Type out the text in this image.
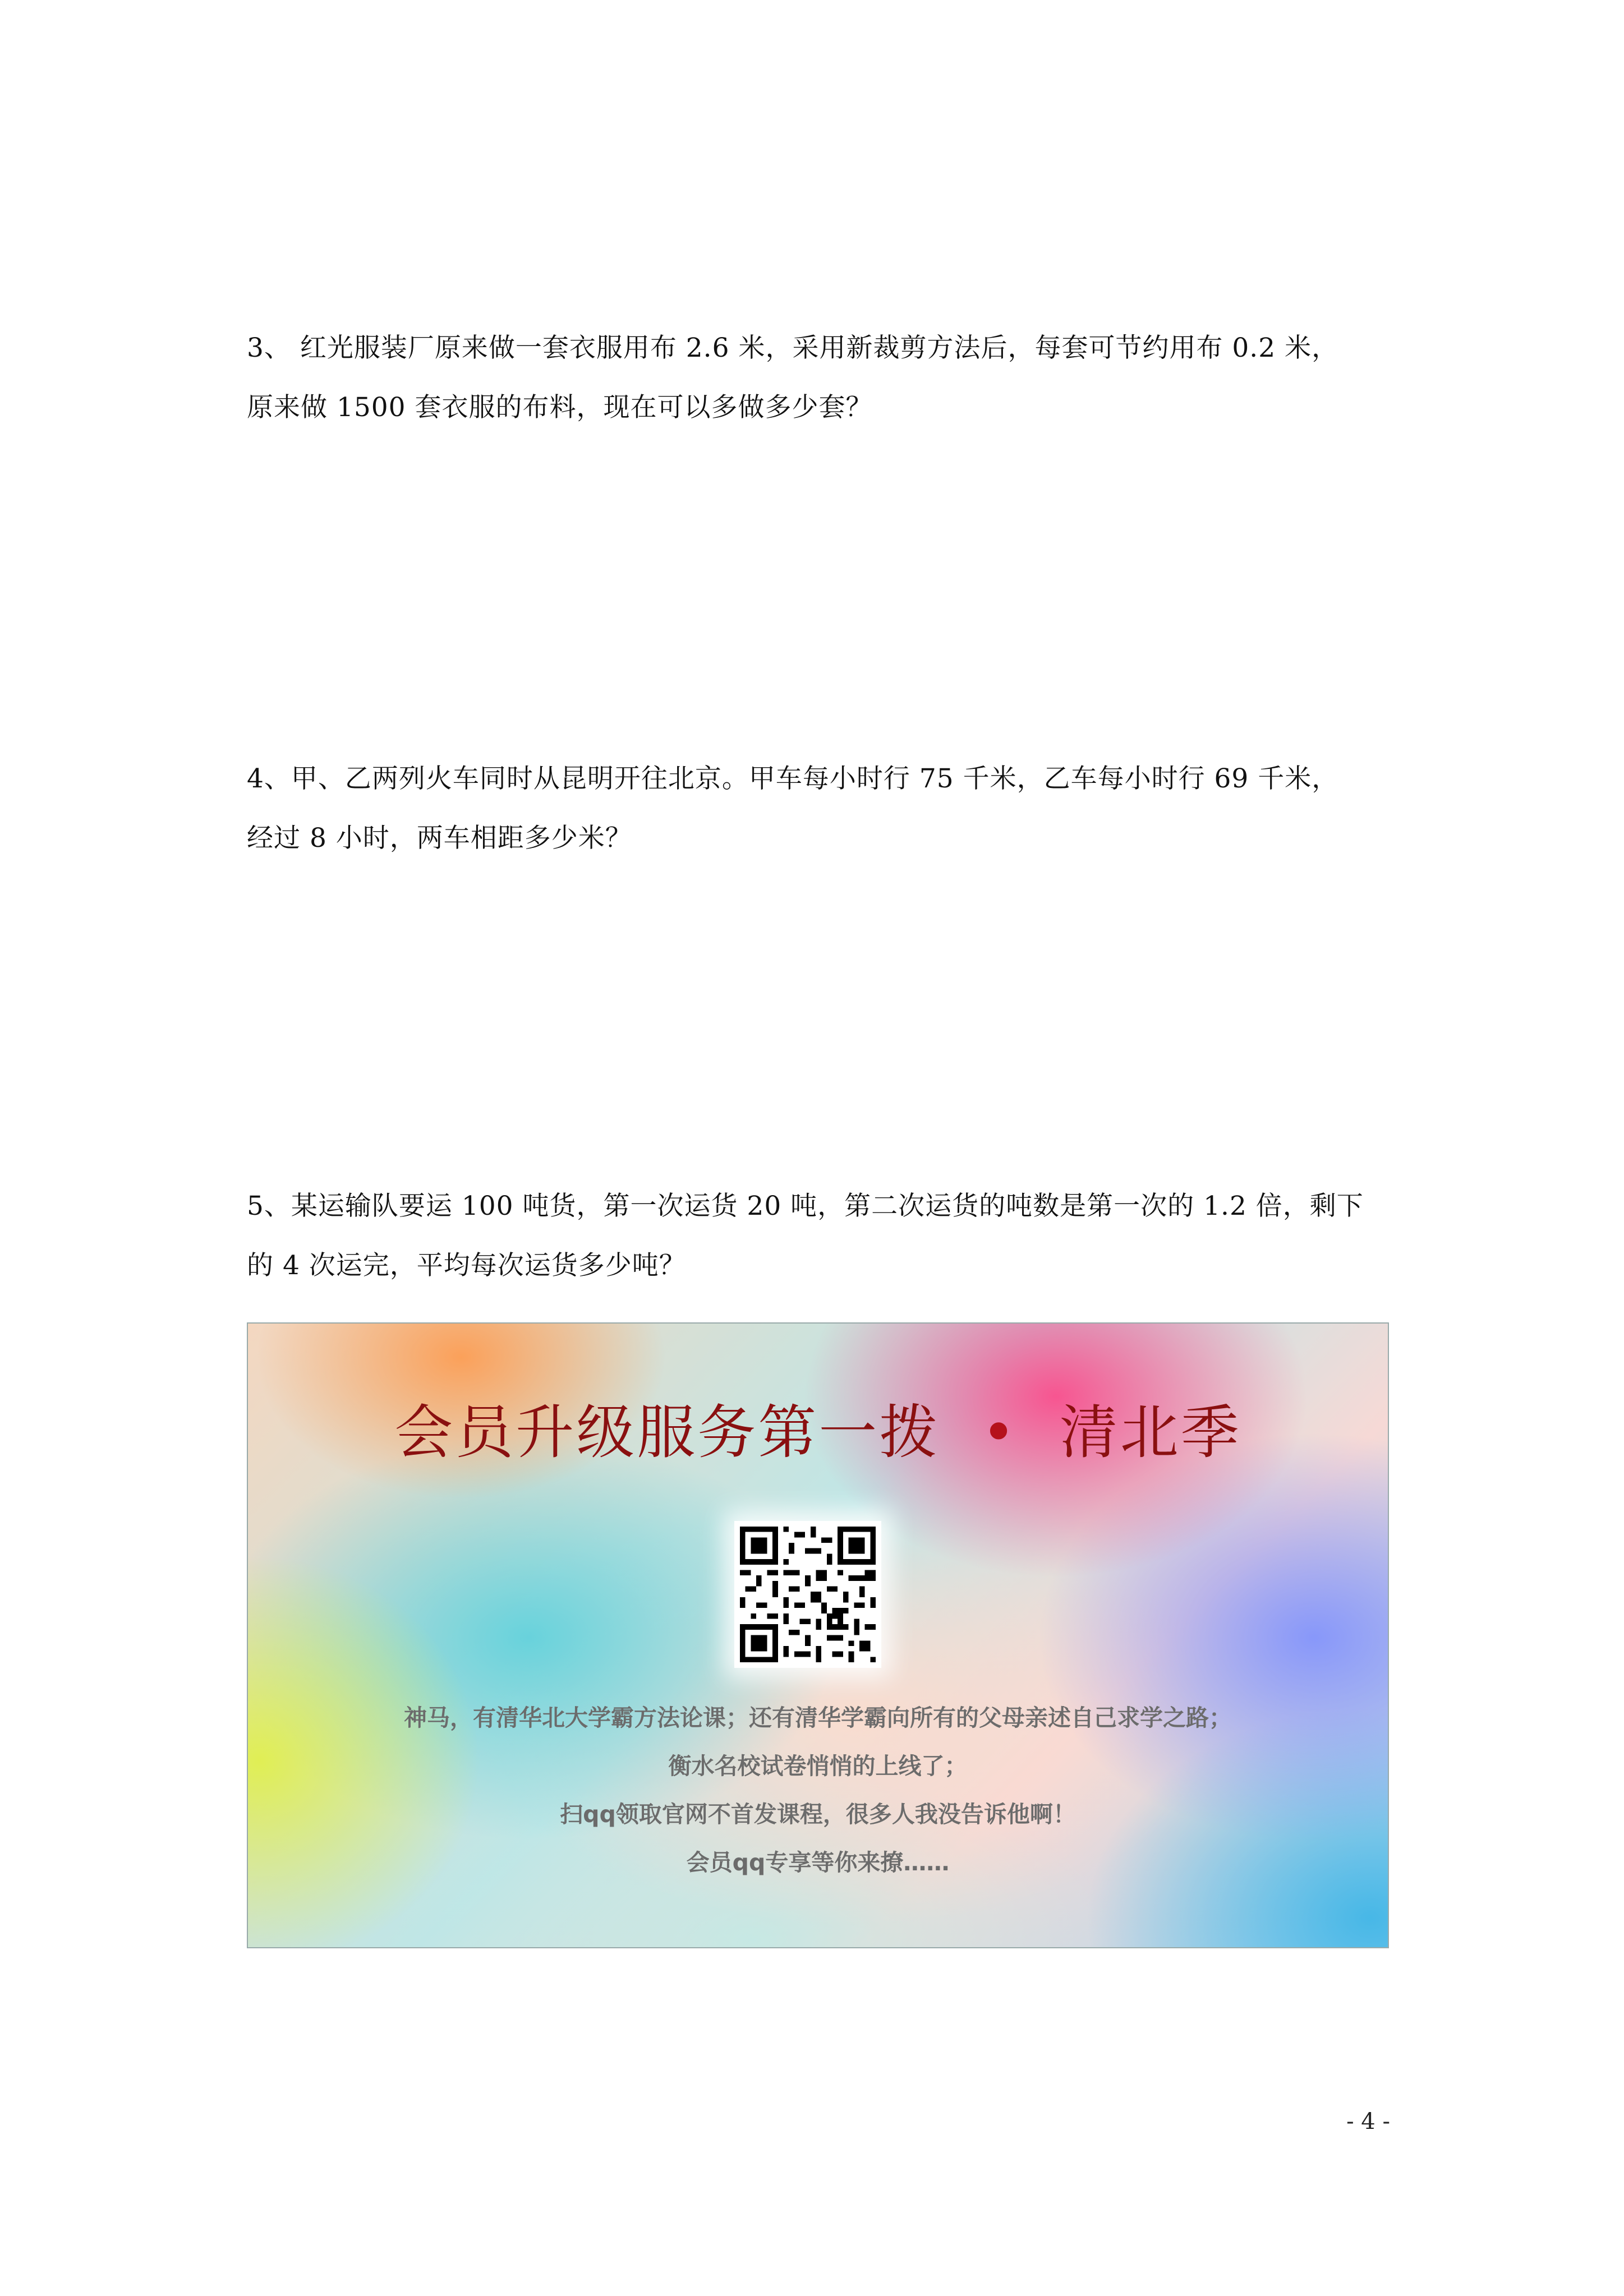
3、 红光服装厂原来做一套衣服用布 2.6 米，采用新裁剪方法后，每套可节约用布 0.2 米，

原来做 1500 套衣服的布料，现在可以多做多少套？

4、甲、乙两列火车同时从昆明开往北京。甲车每小时行 75 千米，乙车每小时行 69 千米，

经过 8 小时，两车相距多少米？

5、某运输队要运 100 吨货，第一次运货 20 吨，第二次运货的吨数是第一次的 1.2 倍，剩下

的 4 次运完，平均每次运货多少吨？

会员升级服务第一拨 • 清北季
神马，有清华北大学霸方法论课；还有清华学霸向所有的父母亲述自己求学之路；
衡水名校试卷悄悄的上线了；
扫qq领取官网不首发课程，很多人我没告诉他啊！
会员qq专享等你来撩……
- 4 -
